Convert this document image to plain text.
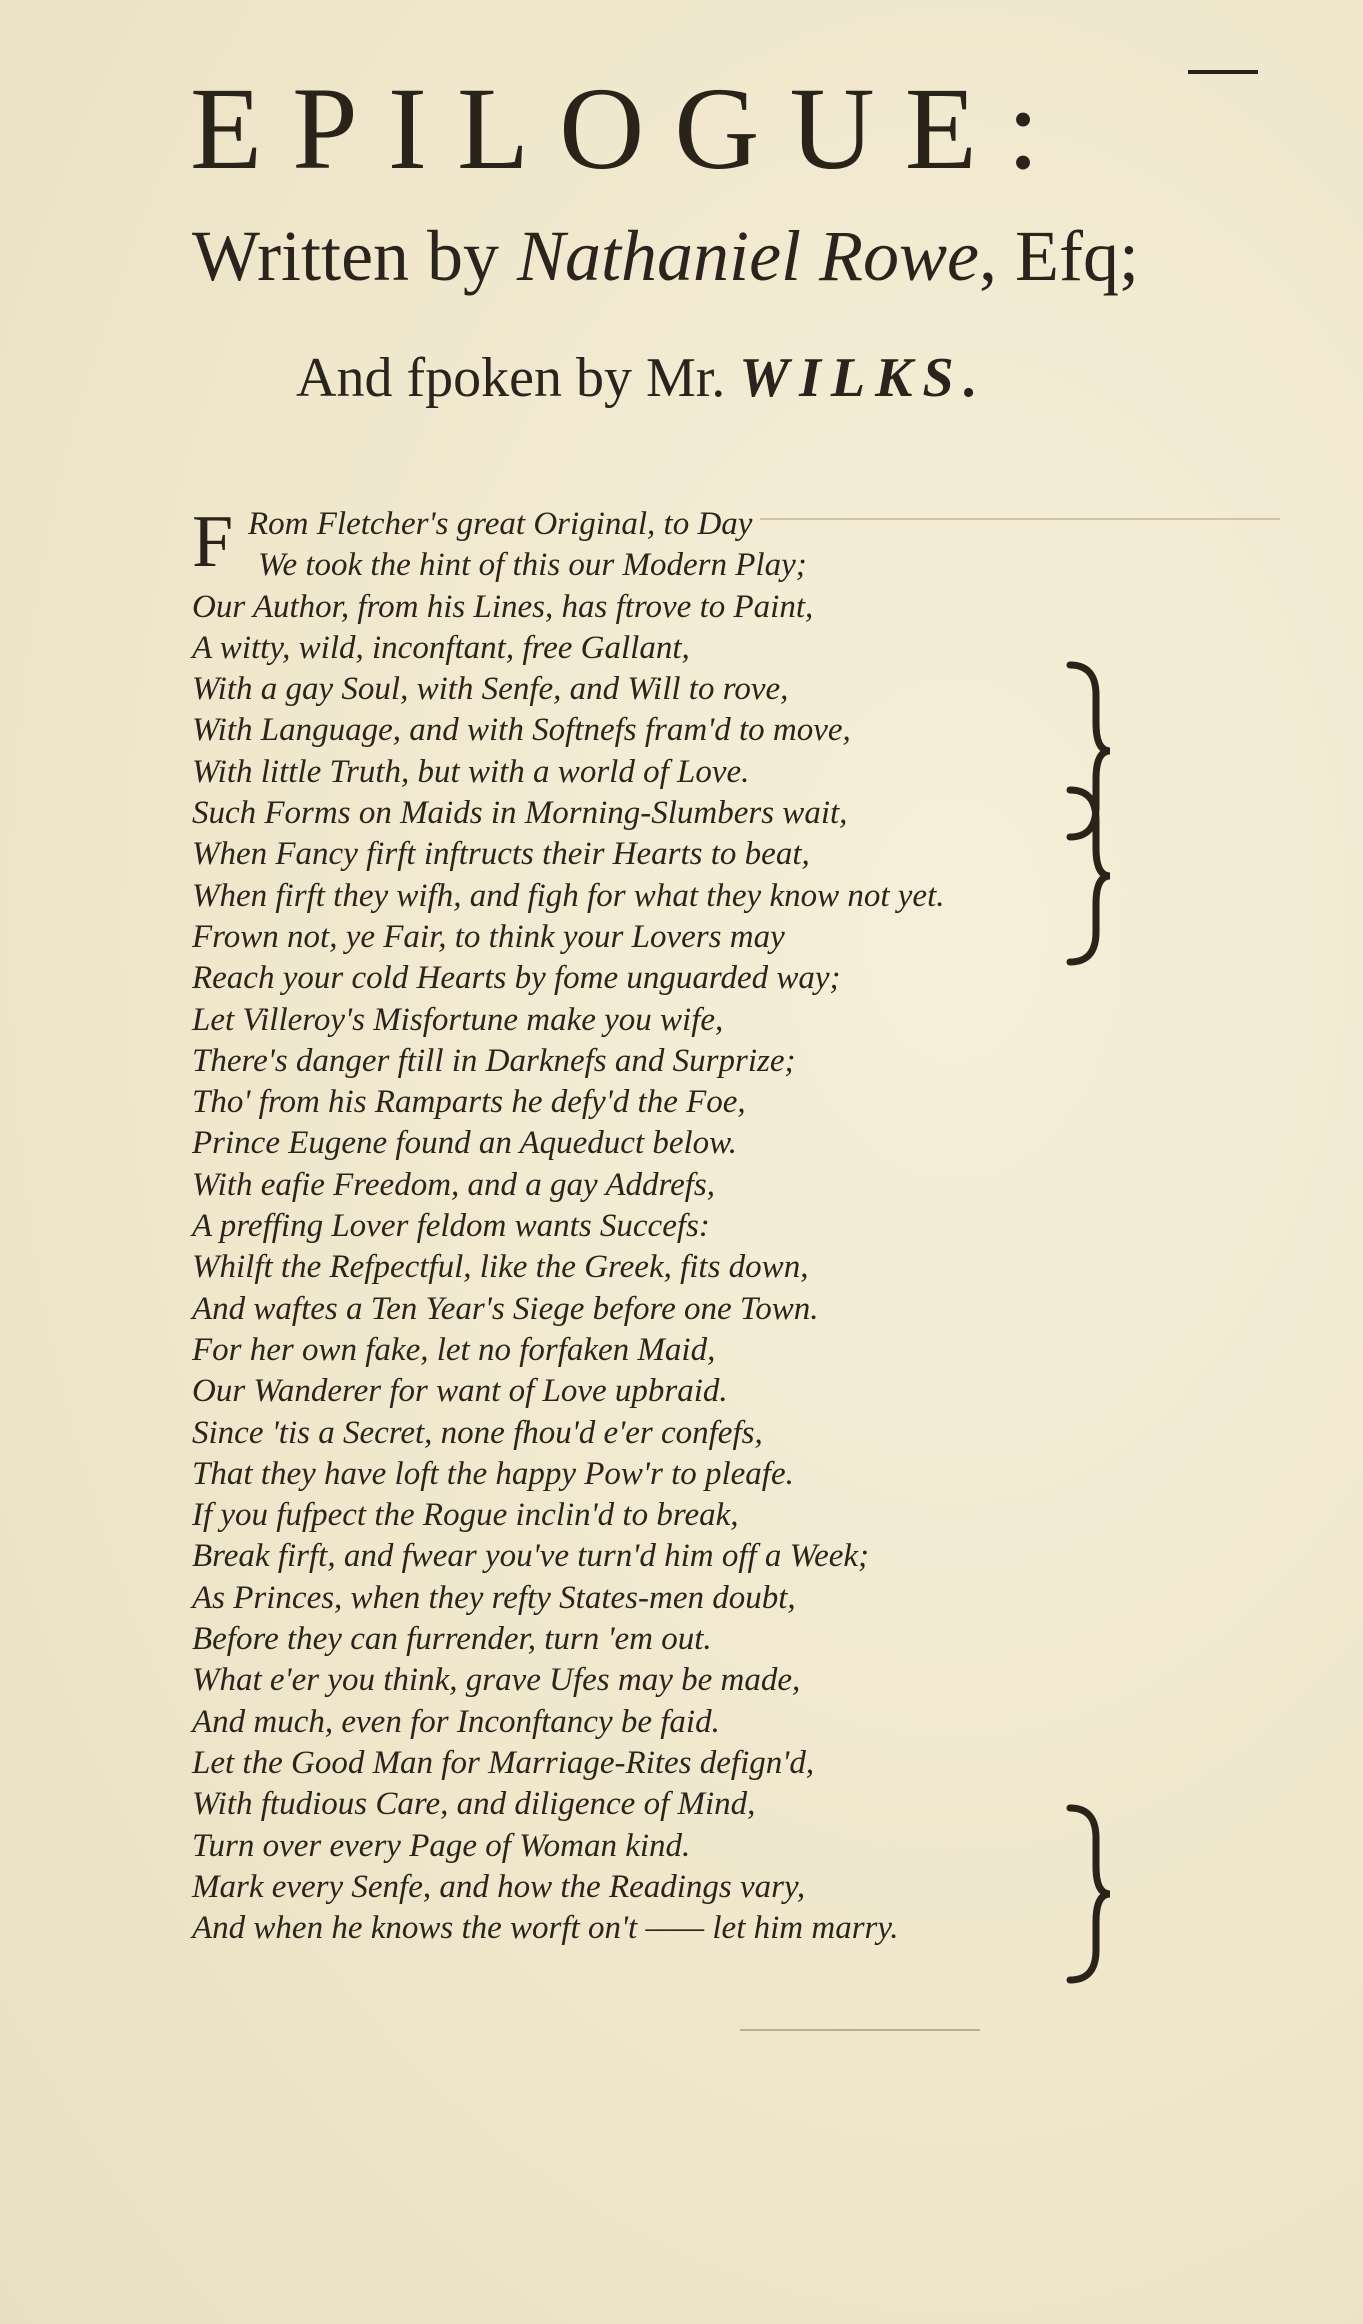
EPILOGUE:

Written by Nathaniel Rowe, Efq;

And fpoken by Mr. WILKS.

F Rom Fletcher's great Original, to Day
We took the hint of this our Modern Play;
Our Author, from his Lines, has ftrove to Paint,
A witty, wild, inconftant, free Gallant,
With a gay Soul, with Senfe, and Will to rove,
With Language, and with Softnefs fram'd to move,
With little Truth, but with a world of Love.
Such Forms on Maids in Morning-Slumbers wait,
When Fancy firft inftructs their Hearts to beat,
When firft they wifh, and figh for what they know not yet.
Frown not, ye Fair, to think your Lovers may
Reach your cold Hearts by fome unguarded way;
Let Villeroy's Misfortune make you wife,
There's danger ftill in Darknefs and Surprize;
Tho' from his Ramparts he defy'd the Foe,
Prince Eugene found an Aqueduct below.
With eafie Freedom, and a gay Addrefs,
A preffing Lover feldom wants Succefs:
Whilft the Refpectful, like the Greek, fits down,
And waftes a Ten Year's Siege before one Town.
For her own fake, let no forfaken Maid,
Our Wanderer for want of Love upbraid.
Since 'tis a Secret, none fhou'd e'er confefs,
That they have loft the happy Pow'r to pleafe.
If you fufpect the Rogue inclin'd to break,
Break firft, and fwear you've turn'd him off a Week;
As Princes, when they refty States-men doubt,
Before they can furrender, turn 'em out.
What e'er you think, grave Ufes may be made,
And much, even for Inconftancy be faid.
Let the Good Man for Marriage-Rites defign'd,
With ftudious Care, and diligence of Mind,
Turn over every Page of Woman kind.
Mark every Senfe, and how the Readings vary,
And when he knows the worft on't —— let him marry.
